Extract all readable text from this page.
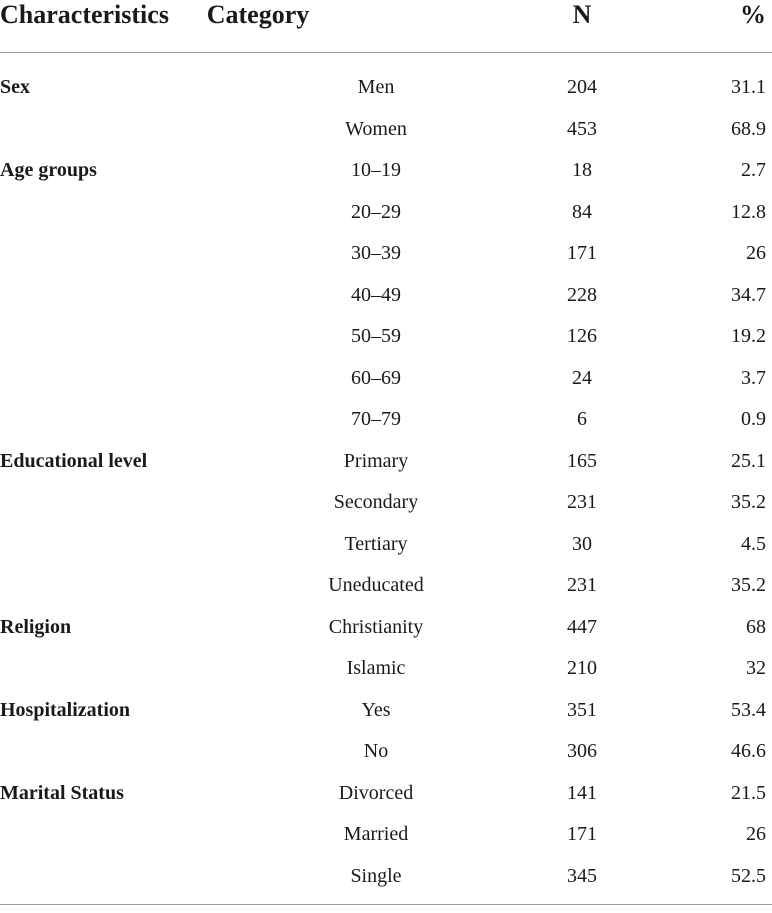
Characteristics	Category	N	%
Sex	Men	204	31.1
Women	453	68.9
Age groups	10–19	18	2.7
20–29	84	12.8
30–39	171	26
40–49	228	34.7
50–59	126	19.2
60–69	24	3.7
70–79	6	0.9
Educational level	Primary	165	25.1
Secondary	231	35.2
Tertiary	30	4.5
Uneducated	231	35.2
Religion	Christianity	447	68
Islamic	210	32
Hospitalization	Yes	351	53.4
No	306	46.6
Marital Status	Divorced	141	21.5
Married	171	26
Single	345	52.5
